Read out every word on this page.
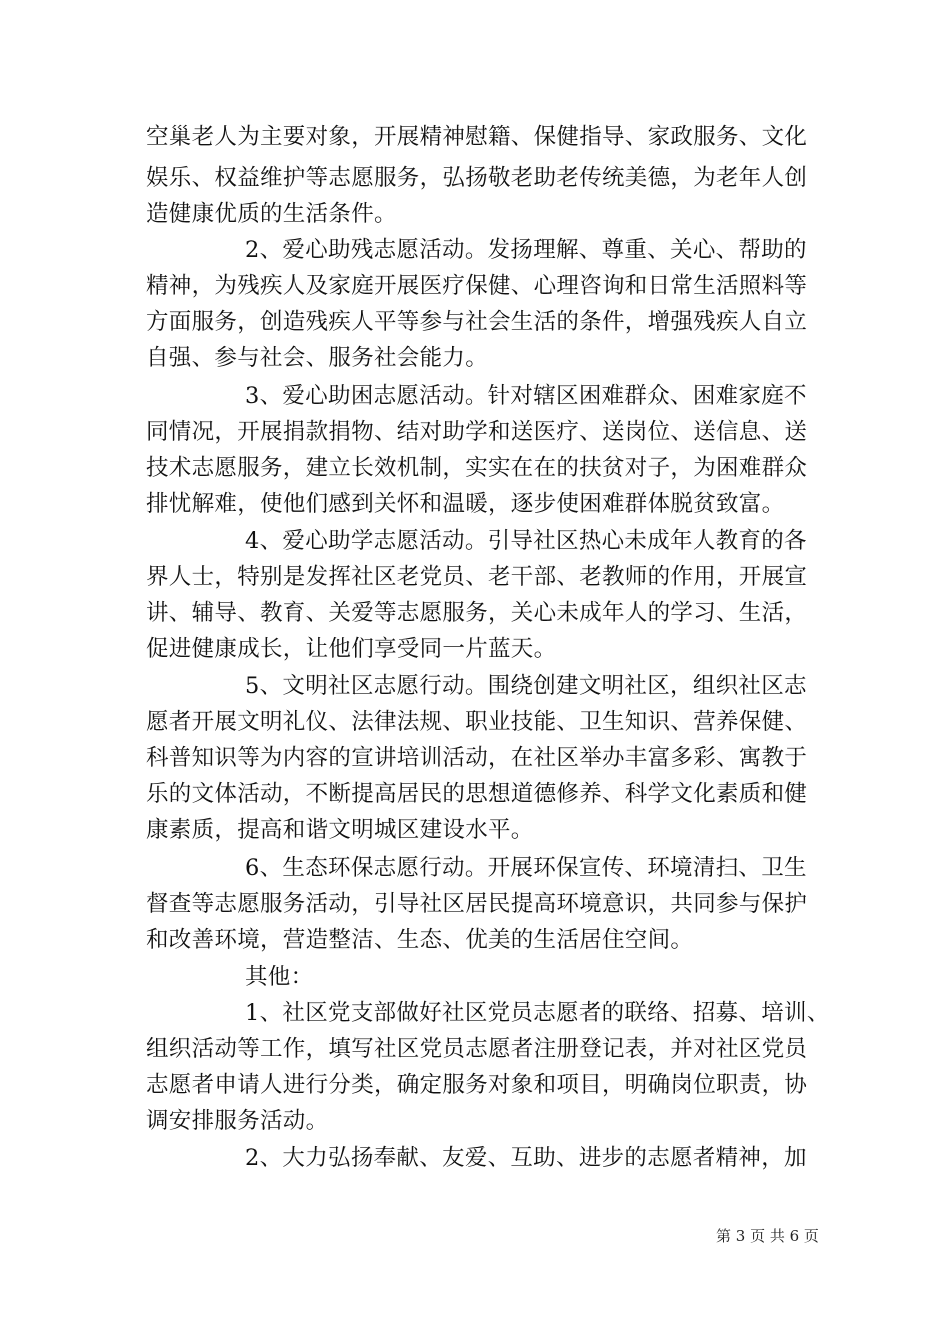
空巢老人为主要对象，开展精神慰籍、保健指导、家政服务、文化
娱乐、权益维护等志愿服务，弘扬敬老助老传统美德，为老年人创
造健康优质的生活条件。
2、爱心助残志愿活动。发扬理解、尊重、关心、帮助的
精神，为残疾人及家庭开展医疗保健、心理咨询和日常生活照料等
方面服务，创造残疾人平等参与社会生活的条件，增强残疾人自立
自强、参与社会、服务社会能力。
3、爱心助困志愿活动。针对辖区困难群众、困难家庭不
同情况，开展捐款捐物、结对助学和送医疗、送岗位、送信息、送
技术志愿服务，建立长效机制，实实在在的扶贫对子，为困难群众
排忧解难，使他们感到关怀和温暖，逐步使困难群体脱贫致富。
4、爱心助学志愿活动。引导社区热心未成年人教育的各
界人士，特别是发挥社区老党员、老干部、老教师的作用，开展宣
讲、辅导、教育、关爱等志愿服务，关心未成年人的学习、生活，
促进健康成长，让他们享受同一片蓝天。
5、文明社区志愿行动。围绕创建文明社区，组织社区志
愿者开展文明礼仪、法律法规、职业技能、卫生知识、营养保健、
科普知识等为内容的宣讲培训活动，在社区举办丰富多彩、寓教于
乐的文体活动，不断提高居民的思想道德修养、科学文化素质和健
康素质，提高和谐文明城区建设水平。
6、生态环保志愿行动。开展环保宣传、环境清扫、卫生
督查等志愿服务活动，引导社区居民提高环境意识，共同参与保护
和改善环境，营造整洁、生态、优美的生活居住空间。
其他：
1、社区党支部做好社区党员志愿者的联络、招募、培训、
组织活动等工作，填写社区党员志愿者注册登记表，并对社区党员
志愿者申请人进行分类，确定服务对象和项目，明确岗位职责，协
调安排服务活动。
2、大力弘扬奉献、友爱、互助、进步的志愿者精神，加
第 3 页 共 6 页
